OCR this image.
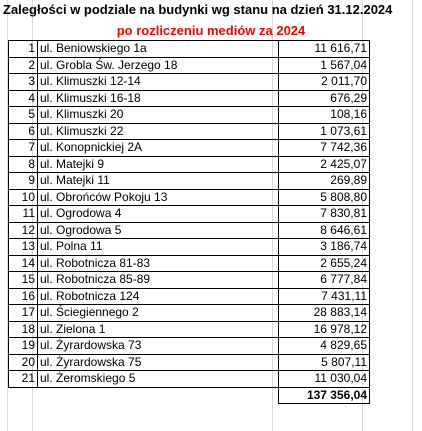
Zaległości w podziale na budynki wg stanu na dzień 31.12.2024
po rozliczeniu mediów za 2024
1	ul. Beniowskiego 1a	11 616,71
2	ul. Grobla Św. Jerzego 18	1 567,04
3	ul. Klimuszki 12-14	2 011,70
4	ul. Klimuszki 16-18	676,29
5	ul. Klimuszki 20	108,16
6	ul. Klimuszki 22	1 073,61
7	ul. Konopnickiej 2A	7 742,36
8	ul. Matejki 9	2 425,07
9	ul. Matejki 11	269,89
10	ul. Obrońców Pokoju 13	5 808,80
11	ul. Ogrodowa 4	7 830,81
12	ul. Ogrodowa 5	8 646,61
13	ul. Polna 11	3 186,74
14	ul. Robotnicza 81-83	2 655,24
15	ul. Robotnicza 85-89	6 777,84
16	ul. Robotnicza 124	7 431,11
17	ul. Ściegiennego 2	28 883,14
18	ul. Zielona 1	16 978,12
19	ul. Żyrardowska 73	4 829,65
20	ul. Żyrardowska 75	5 807,11
21	ul. Żeromskiego 5	11 030,04
		137 356,04
